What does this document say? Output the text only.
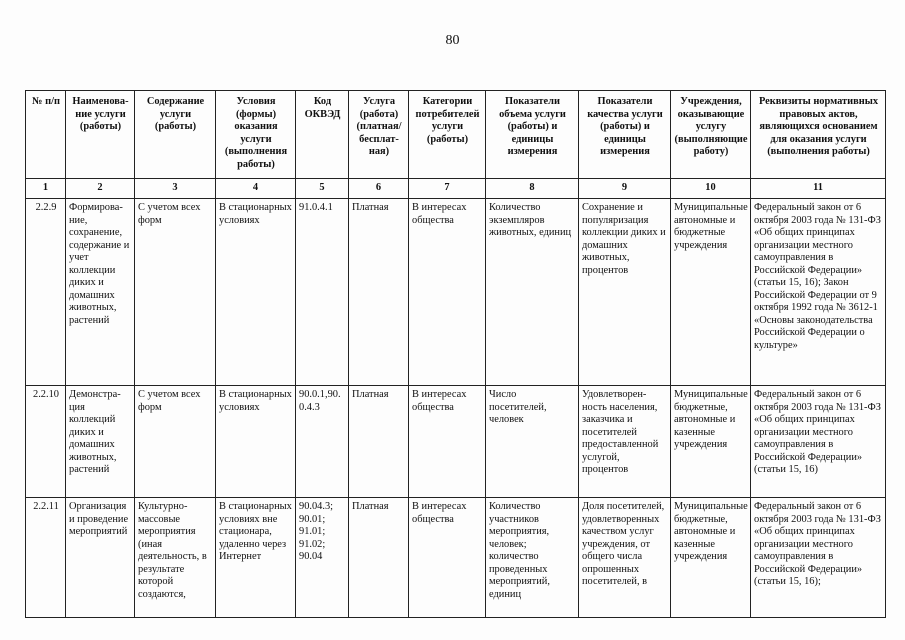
80
№ п/п	Наименова-ние услуги (работы)	Содержание услуги (работы)	Условия (формы) оказания услуги (выполнения работы)	Код ОКВЭД	Услуга (работа) (платная/ бесплат-ная)	Категории потребителей услуги (работы)	Показатели объема услуги (работы) и единицы измерения	Показатели качества услуги (работы) и единицы измерения	Учреждения, оказывающие услугу (выполняющие работу)	Реквизиты нормативных правовых актов, являющихся основанием для оказания услуги (выполнения работы)
1	2	3	4	5	6	7	8	9	10	11
2.2.9	Формирова-ние, сохранение, содержание и учет коллекции диких и домашних животных, растений	С учетом всех форм	В стационарных условиях	91.0.4.1	Платная	В интересах общества	Количество экземпляров животных, единиц	Сохранение и популяризация коллекции диких и домашних животных, процентов	Муниципальные автономные и бюджетные учреждения	Федеральный закон от 6 октября 2003 года № 131-ФЗ «Об общих принципах организации местного самоуправления в Российской Федерации» (статьи 15, 16); Закон Российской Федерации от 9 октября 1992 года № 3612-1 «Основы законодательства Российской Федерации о культуре»
2.2.10	Демонстра-ция коллекций диких и домашних животных, растений	С учетом всех форм	В стационарных условиях	90.0.1,90. 0.4.3	Платная	В интересах общества	Число посетителей, человек	Удовлетворен-ность населения, заказчика и посетителей предоставленной услугой, процентов	Муниципальные бюджетные, автономные и казенные учреждения	Федеральный закон от 6 октября 2003 года № 131-ФЗ «Об общих принципах организации местного самоуправления в Российской Федерации» (статьи 15, 16)
2.2.11	Организация и проведение мероприятий	Культурно-массовые мероприятия (иная деятельность, в результате которой создаются,	В стационарных условиях вне стационара, удаленно через Интернет	90.04.3; 90.01; 91.01; 91.02; 90.04	Платная	В интересах общества	Количество участников мероприятия, человек; количество проведенных мероприятий, единиц	Доля посетителей, удовлетворенных качеством услуг учреждения, от общего числа опрошенных посетителей, в	Муниципальные бюджетные, автономные и казенные учреждения	Федеральный закон от 6 октября 2003 года № 131-ФЗ «Об общих принципах организации местного самоуправления в Российской Федерации» (статьи 15, 16);
